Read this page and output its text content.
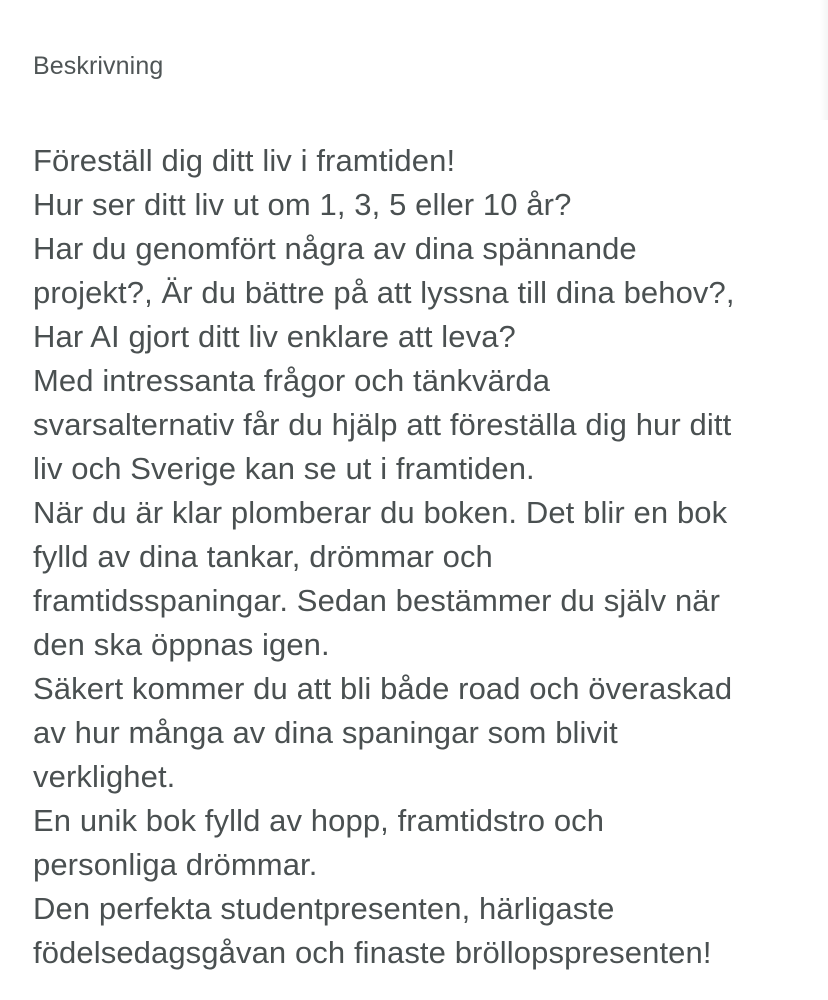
Beskrivning
Föreställ dig ditt liv i framtiden!
Hur ser ditt liv ut om 1, 3, 5 eller 10 år?
Har du genomfört några av dina spännande
projekt?, Är du bättre på att lyssna till dina behov?,
Har AI gjort ditt liv enklare att leva?
Med intressanta frågor och tänkvärda
svarsalternativ får du hjälp att föreställa dig hur ditt
liv och Sverige kan se ut i framtiden.
När du är klar plomberar du boken. Det blir en bok
fylld av dina tankar, drömmar och
framtidsspaningar. Sedan bestämmer du själv när
den ska öppnas igen.
Säkert kommer du att bli både road och överaskad
av hur många av dina spaningar som blivit
verklighet.
En unik bok fylld av hopp, framtidstro och
personliga drömmar.
Den perfekta studentpresenten, härligaste
födelsedagsgåvan och finaste bröllopspresenten!
